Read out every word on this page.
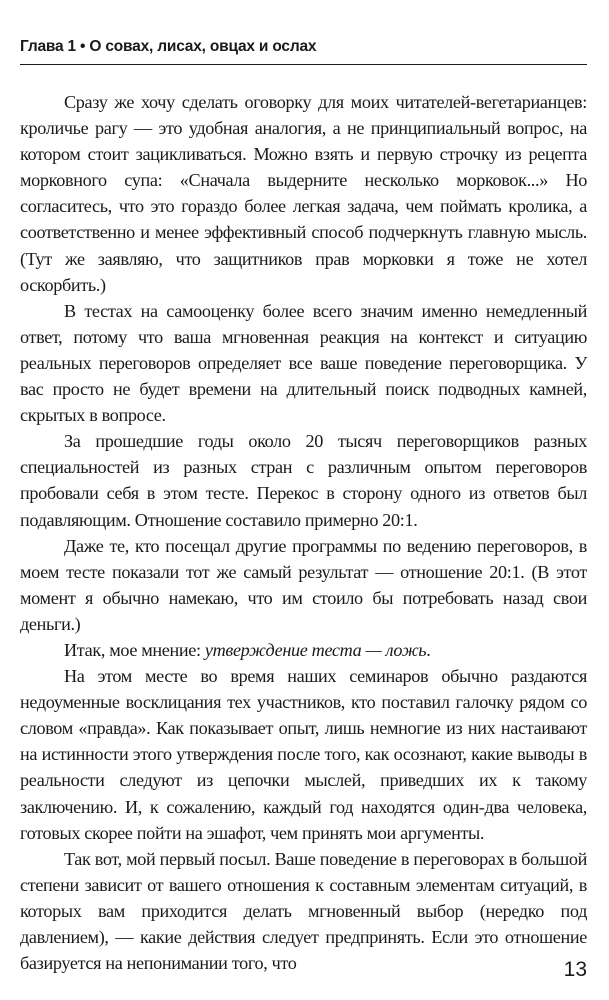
Глава 1 • О совах, лисах, овцах и ослах

Сразу же хочу сделать оговорку для моих читателей-вегетарианцев: кроличье рагу — это удобная аналогия, а не принципиальный вопрос, на котором стоит зацикливаться. Можно взять и первую строчку из рецепта морковного супа: «Сначала выдерните несколько морковок...» Но согласитесь, что это гораздо более легкая задача, чем поймать кролика, а соответственно и менее эффективный способ подчеркнуть главную мысль. (Тут же заявляю, что защитников прав морковки я тоже не хотел оскорбить.)

В тестах на самооценку более всего значим именно немедленный ответ, потому что ваша мгновенная реакция на контекст и ситуацию реальных переговоров определяет все ваше поведение переговорщика. У вас просто не будет времени на длительный поиск подводных камней, скрытых в вопросе.

За прошедшие годы около 20 тысяч переговорщиков разных специальностей из разных стран с различным опытом переговоров пробовали себя в этом тесте. Перекос в сторону одного из ответов был подавляющим. Отношение составило примерно 20:1.

Даже те, кто посещал другие программы по ведению переговоров, в моем тесте показали тот же самый результат — отношение 20:1. (В этот момент я обычно намекаю, что им стоило бы потребовать назад свои деньги.)

Итак, мое мнение: утверждение теста — ложь.

На этом месте во время наших семинаров обычно раздаются недоуменные восклицания тех участников, кто поставил галочку рядом со словом «правда». Как показывает опыт, лишь немногие из них настаивают на истинности этого утверждения после того, как осознают, какие выводы в реальности следуют из цепочки мыслей, приведших их к такому заключению. И, к сожалению, каждый год находятся один-два человека, готовых скорее пойти на эшафот, чем принять мои аргументы.

Так вот, мой первый посыл. Ваше поведение в переговорах в большой степени зависит от вашего отношения к составным элементам ситуаций, в которых вам приходится делать мгновенный выбор (нередко под давлением), — какие действия следует предпринять. Если это отношение базируется на непонимании того, что	13
